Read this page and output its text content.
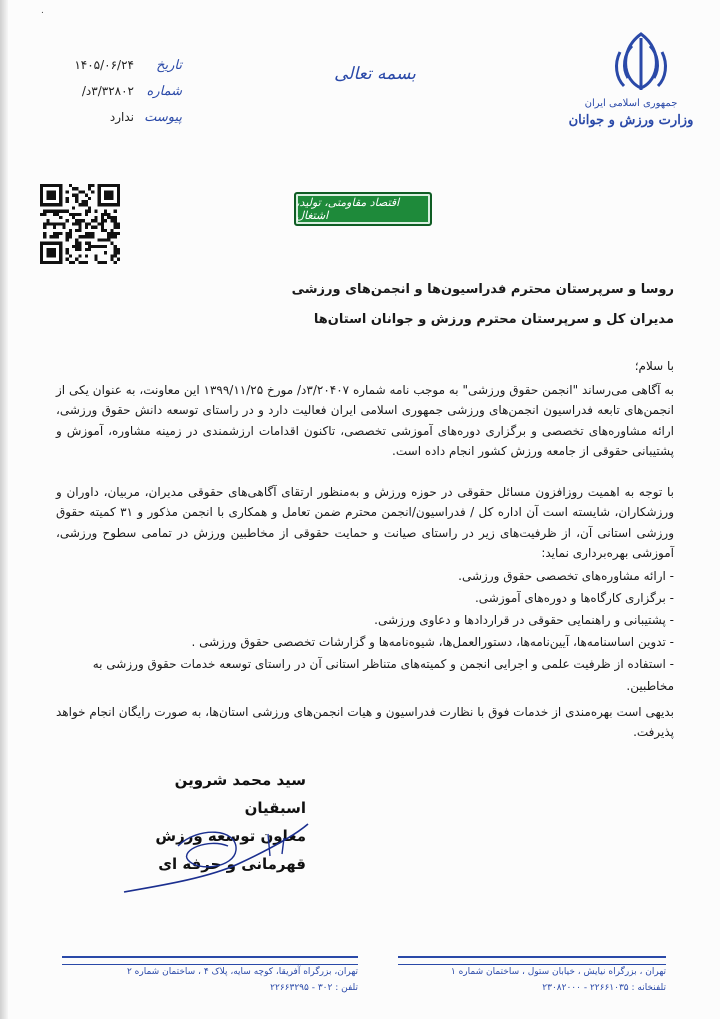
۰
جمهوری اسلامی ایران
وزارت ورزش و جوانان
بسمه تعالی
تاریخ
۱۴۰۵/۰۶/۲۴
شماره
۳/۳۲۸۰۲د/
پیوست
ندارد
اقتصاد مقاومتی، تولید، اشتغال
روسا و سرپرستان محترم فدراسیون‌ها و انجمن‌های ورزشی
مدیران کل و سرپرستان محترم ورزش و جوانان استان‌ها
با سلام؛
به آگاهی می‌رساند "انجمن حقوق ورزشی" به موجب نامه شماره ۳/۲۰۴۰۷د/ مورخ ۱۳۹۹/۱۱/۲۵ این معاونت، به عنوان یکی از انجمن‌های تابعه فدراسیون انجمن‌های ورزشی جمهوری اسلامی ایران فعالیت دارد و در راستای توسعه دانش حقوق ورزشی، ارائه مشاوره‌های تخصصی و برگزاری دوره‌های آموزشی تخصصی، تاکنون اقدامات ارزشمندی در زمینه مشاوره، آموزش و پشتیبانی حقوقی از جامعه ورزش کشور انجام داده است.
با توجه به اهمیت روزافزون مسائل حقوقی در حوزه ورزش و به‌منظور ارتقای آگاهی‌های حقوقی مدیران، مربیان، داوران و ورزشکاران، شایسته است آن اداره کل / فدراسیون/انجمن محترم ضمن تعامل و همکاری با انجمن مذکور و ۳۱ کمیته حقوق ورزشی استانی آن، از ظرفیت‌های زیر در راستای صیانت و حمایت حقوقی از مخاطبین ورزش در تمامی سطوح ورزشی، آموزشی بهره‌برداری نماید:
- ارائه مشاوره‌های تخصصی حقوق ورزشی.
- برگزاری کارگاه‌ها و دوره‌های آموزشی.
- پشتیبانی و راهنمایی حقوقی در قراردادها و دعاوی ورزشی.
- تدوین اساسنامه‌ها، آیین‌نامه‌ها، دستورالعمل‌ها، شیوه‌نامه‌ها و گزارشات تخصصی حقوق ورزشی .
- استفاده از ظرفیت علمی و اجرایی انجمن و کمیته‌های متناظر استانی آن در راستای توسعه خدمات حقوق ورزشی به مخاطبین.
بدیهی است بهره‌مندی از خدمات فوق با نظارت فدراسیون و هیات انجمن‌های ورزشی استان‌ها، به صورت رایگان انجام خواهد پذیرفت.
سید محمد شروین اسبقیان
معاون توسعه ورزش
قهرمانی و حرفه ای
تهران، بزرگراه آفریقا، کوچه سایه، پلاک ۴ ، ساختمان شماره ۲
تلفن : ۳۰۲ - ۲۲۶۶۳۲۹۵
تهران ، بزرگراه نیایش ، خیابان ستول ، ساختمان شماره ۱
تلفنخانه : ۲۲۶۶۱۰۳۵ - ۲۳۰۸۲۰۰۰
